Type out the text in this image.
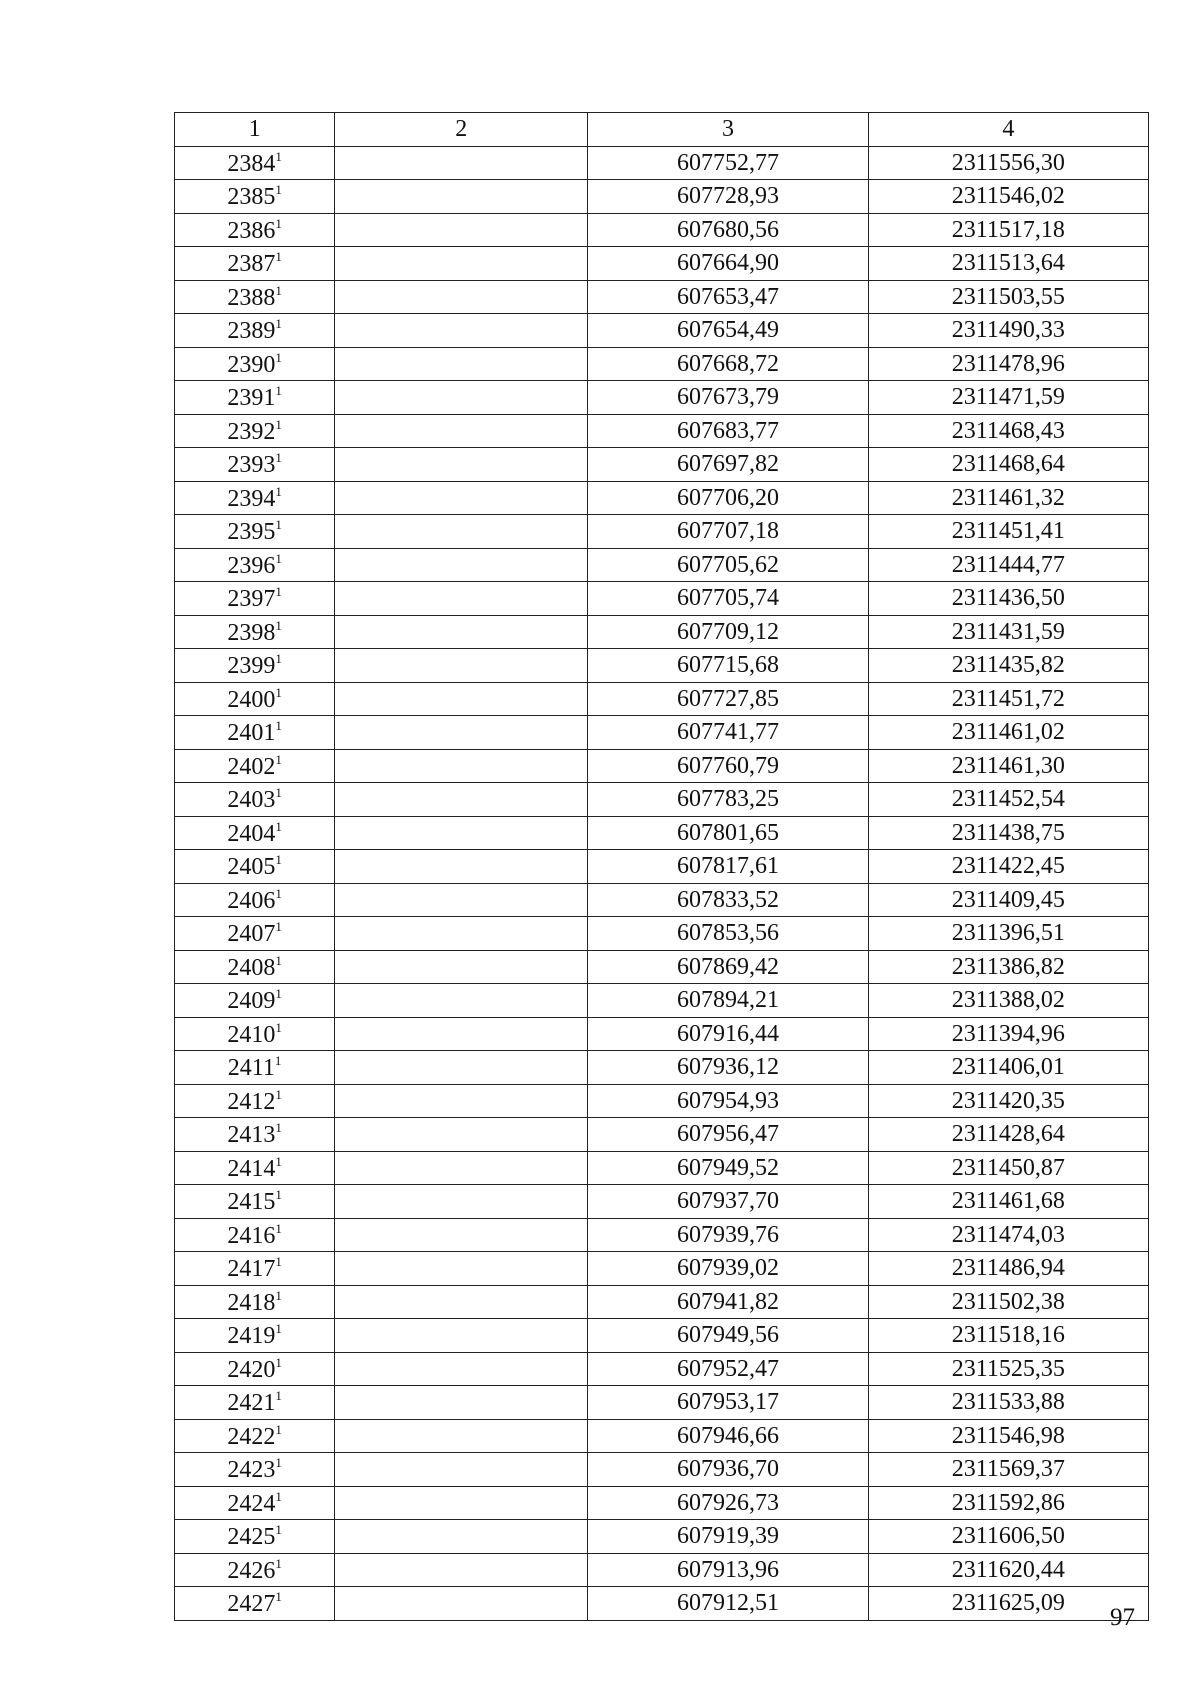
1	2	3	4
2384$^1$		607752,77	2311556,30
2385$^1$		607728,93	2311546,02
2386$^1$		607680,56	2311517,18
2387$^1$		607664,90	2311513,64
2388$^1$		607653,47	2311503,55
2389$^1$		607654,49	2311490,33
2390$^1$		607668,72	2311478,96
2391$^1$		607673,79	2311471,59
2392$^1$		607683,77	2311468,43
2393$^1$		607697,82	2311468,64
2394$^1$		607706,20	2311461,32
2395$^1$		607707,18	2311451,41
2396$^1$		607705,62	2311444,77
2397$^1$		607705,74	2311436,50
2398$^1$		607709,12	2311431,59
2399$^1$		607715,68	2311435,82
2400$^1$		607727,85	2311451,72
2401$^1$		607741,77	2311461,02
2402$^1$		607760,79	2311461,30
2403$^1$		607783,25	2311452,54
2404$^1$		607801,65	2311438,75
2405$^1$		607817,61	2311422,45
2406$^1$		607833,52	2311409,45
2407$^1$		607853,56	2311396,51
2408$^1$		607869,42	2311386,82
2409$^1$		607894,21	2311388,02
2410$^1$		607916,44	2311394,96
2411$^1$		607936,12	2311406,01
2412$^1$		607954,93	2311420,35
2413$^1$		607956,47	2311428,64
2414$^1$		607949,52	2311450,87
2415$^1$		607937,70	2311461,68
2416$^1$		607939,76	2311474,03
2417$^1$		607939,02	2311486,94
2418$^1$		607941,82	2311502,38
2419$^1$		607949,56	2311518,16
2420$^1$		607952,47	2311525,35
2421$^1$		607953,17	2311533,88
2422$^1$		607946,66	2311546,98
2423$^1$		607936,70	2311569,37
2424$^1$		607926,73	2311592,86
2425$^1$		607919,39	2311606,50
2426$^1$		607913,96	2311620,44
2427$^1$		607912,51	2311625,09
97
